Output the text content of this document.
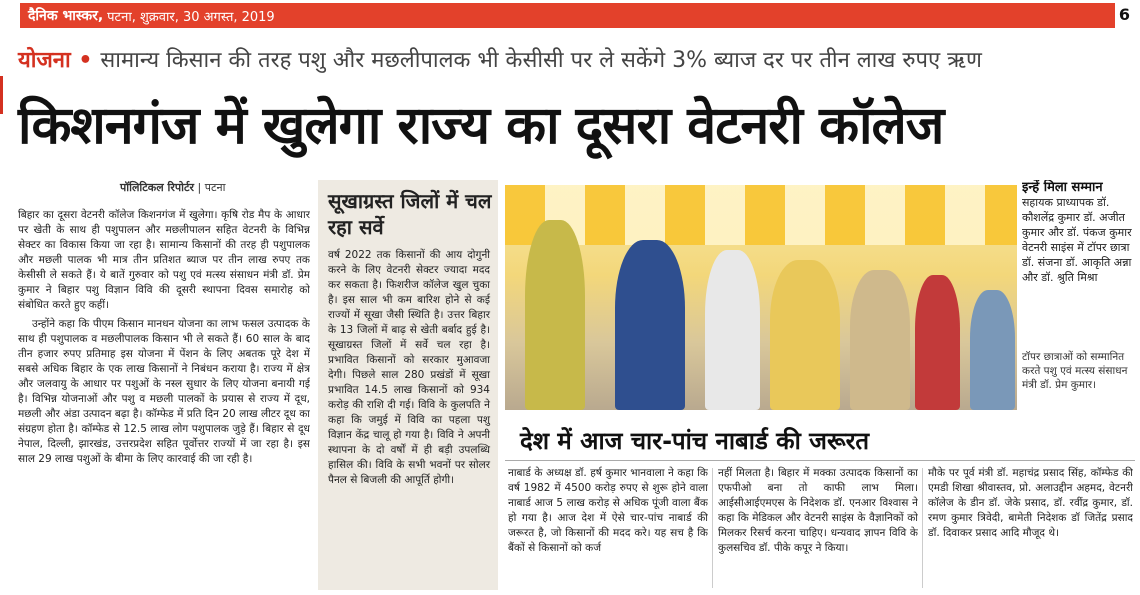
दैनिक भास्कर, पटना, शुक्रवार, 30 अगस्त, 2019	6
योजना • सामान्य किसान की तरह पशु और मछलीपालक भी केसीसी पर ले सकेंगे 3% ब्याज दर पर तीन लाख रुपए ऋण
किशनगंज में खुलेगा राज्य का दूसरा वेटनरी कॉलेज
पॉलिटिकल रिपोर्टर | पटना

बिहार का दूसरा वेटनरी कॉलेज किशनगंज में खुलेगा। कृषि रोड मैप के आधार पर खेती के साथ ही पशुपालन और मछलीपालन सहित वेटनरी के विभिन्न सेक्टर का विकास किया जा रहा है। सामान्य किसानों की तरह ही पशुपालक और मछली पालक भी मात्र तीन प्रतिशत ब्याज पर तीन लाख रुपए तक केसीसी ले सकते हैं। ये बातें गुरुवार को पशु एवं मत्स्य संसाधन मंत्री डॉ. प्रेम कुमार ने बिहार पशु विज्ञान विवि की दूसरी स्थापना दिवस समारोह को संबोधित करते हुए कहीं।

उन्होंने कहा कि पीएम किसान मानधन योजना का लाभ फसल उत्पादक के साथ ही पशुपालक व मछलीपालक किसान भी ले सकते हैं। 60 साल के बाद तीन हजार रुपए प्रतिमाह इस योजना में पेंशन के लिए अबतक पूरे देश में सबसे अधिक बिहार के एक लाख किसानों ने निबंधन कराया है। राज्य में क्षेत्र और जलवायु के आधार पर पशुओं के नस्ल सुधार के लिए योजना बनायी गई है। विभिन्न योजनाओं और पशु व मछली पालकों के प्रयास से राज्य में दूध, मछली और अंडा उत्पादन बढ़ा है। कॉम्फेड में प्रति दिन 20 लाख लीटर दूध का संग्रहण होता है। कॉम्फेड से 12.5 लाख लोग पशुपालक जुड़े हैं। बिहार से दूध नेपाल, दिल्ली, झारखंड, उत्तरप्रदेश सहित पूर्वोत्तर राज्यों में जा रहा है। इस साल 29 लाख पशुओं के बीमा के लिए कारवाई की जा रही है।

सूखाग्रस्त जिलों में चल रहा सर्वे
वर्ष 2022 तक किसानों की आय दोगुनी करने के लिए वेटनरी सेक्टर ज्यादा मदद कर सकता है। फिशरीज कॉलेज खुल चुका है। इस साल भी कम बारिश होने से कई राज्यों में सूखा जैसी स्थिति है। उत्तर बिहार के 13 जिलों में बाढ़ से खेती बर्बाद हुई है। सूखाग्रस्त जिलों में सर्वे चल रहा है। प्रभावित किसानों को सरकार मुआवजा देगी। पिछले साल 280 प्रखंडों में सूखा प्रभावित 14.5 लाख किसानों को 934 करोड़ की राशि दी गई। विवि के कुलपति ने कहा कि जमुई में विवि का पहला पशु विज्ञान केंद्र चालू हो गया है। विवि ने अपनी स्थापना के दो वर्षों में ही बड़ी उपलब्धि हासिल की। विवि के सभी भवनों पर सोलर पैनल से बिजली की आपूर्ति होगी।
इन्हें मिला सम्मान
सहायक प्राध्यापक डॉ. कौशलेंद्र कुमार डॉ. अजीत कुमार और डॉ. पंकज कुमार वेटनरी साइंस में टॉपर छात्रा डॉ. संजना डॉ. आकृति अन्ना और डॉ. श्रुति मिश्रा
टॉपर छात्राओं को सम्मानित करते पशु एवं मत्स्य संसाधन मंत्री डॉ. प्रेम कुमार।
देश में आज चार-पांच नाबार्ड की जरूरत

नाबार्ड के अध्यक्ष डॉ. हर्ष कुमार भानवाला ने कहा कि वर्ष 1982 में 4500 करोड़ रुपए से शुरू होने वाला नाबार्ड आज 5 लाख करोड़ से अधिक पूंजी वाला बैंक हो गया है। आज देश में ऐसे चार-पांच नाबार्ड की जरूरत है, जो किसानों की मदद करे। यह सच है कि बैंकों से किसानों को कर्ज

नहीं मिलता है। बिहार में मक्का उत्पादक किसानों का एफपीओ बना तो काफी लाभ मिला। आईसीआईएमएस के निदेशक डॉ. एनआर विश्वास ने कहा कि मेडिकल और वेटनरी साइंस के वैज्ञानिकों को मिलकर रिसर्च करना चाहिए। धन्यवाद ज्ञापन विवि के कुलसचिव डॉ. पीके कपूर ने किया।

मौके पर पूर्व मंत्री डॉ. महाचंद्र प्रसाद सिंह, कॉम्फेड की एमडी शिखा श्रीवास्तव, प्रो. अलाउद्दीन अहमद, वेटनरी कॉलेज के डीन डॉ. जेके प्रसाद, डॉ. रवींद्र कुमार, डॉ. रमण कुमार त्रिवेदी, बामेती निदेशक डॉ जितेंद्र प्रसाद डॉ. दिवाकर प्रसाद आदि मौजूद थे।
